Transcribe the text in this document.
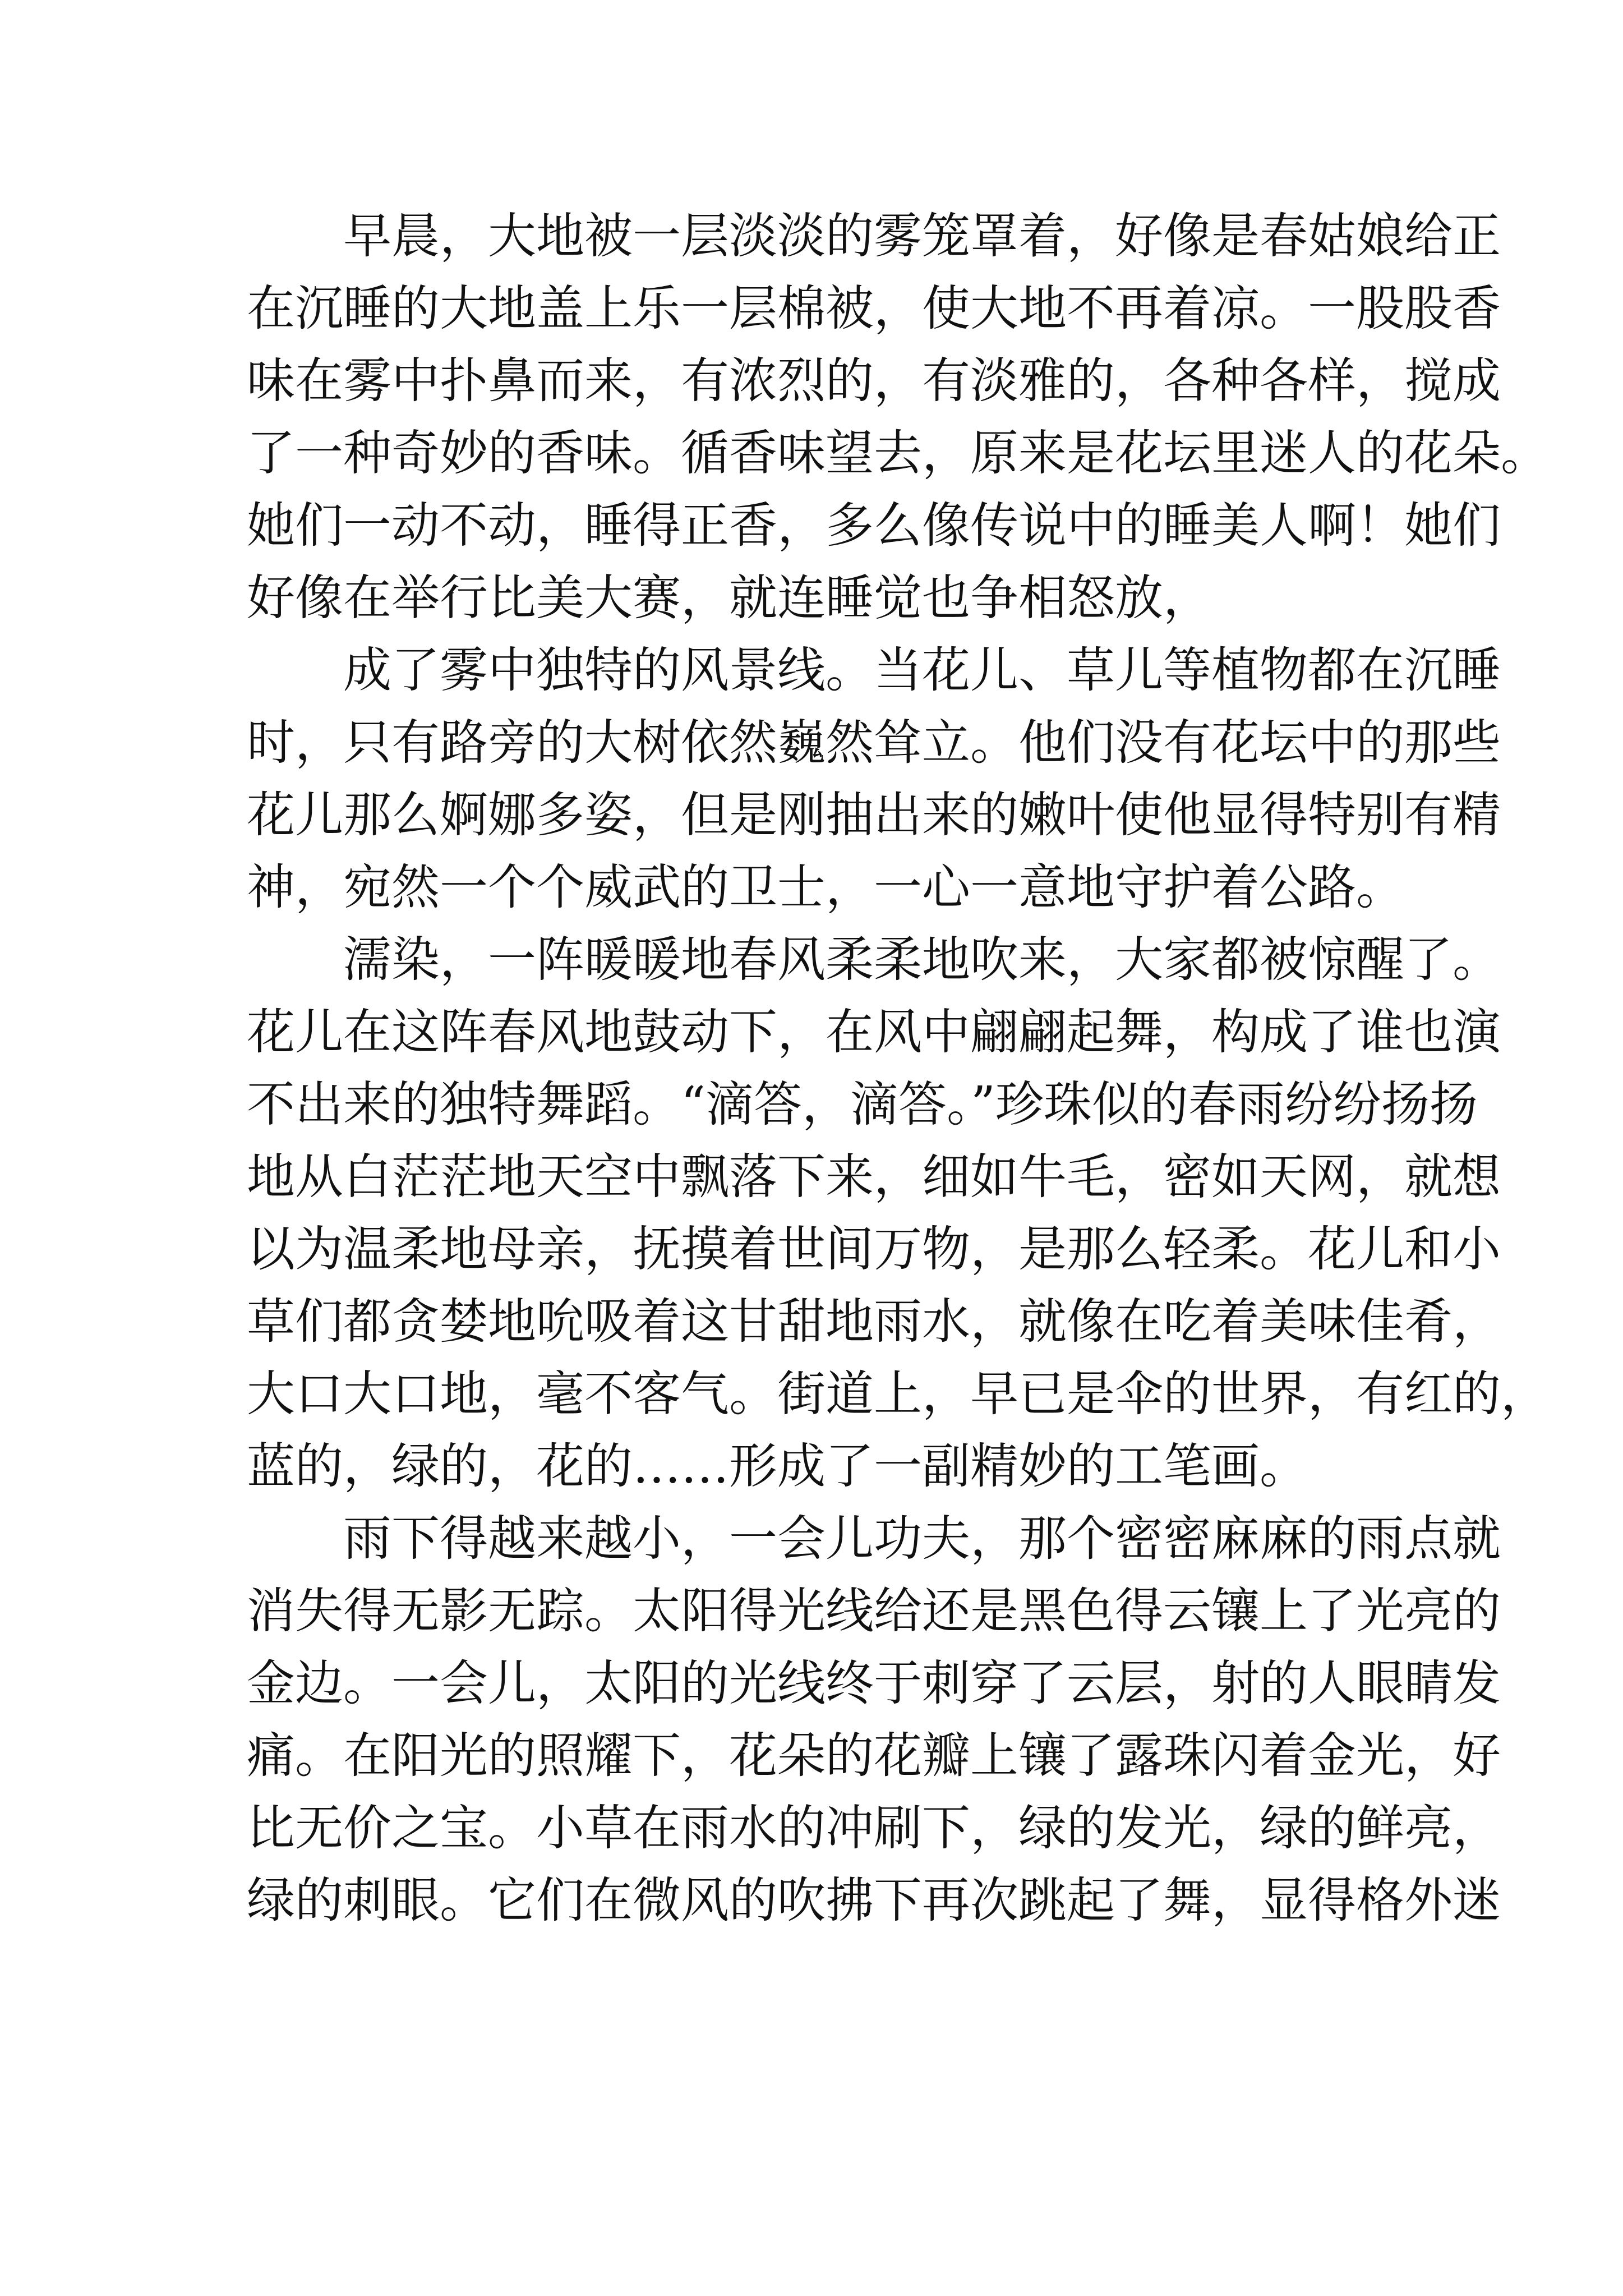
早晨，大地被一层淡淡的雾笼罩着，好像是春姑娘给正

在沉睡的大地盖上乐一层棉被，使大地不再着凉。一股股香

味在雾中扑鼻而来，有浓烈的，有淡雅的，各种各样，搅成

了一种奇妙的香味。循香味望去，原来是花坛里迷人的花朵。

她们一动不动，睡得正香，多么像传说中的睡美人啊！她们

好像在举行比美大赛，就连睡觉也争相怒放，

成了雾中独特的风景线。当花儿、草儿等植物都在沉睡

时，只有路旁的大树依然巍然耸立。他们没有花坛中的那些

花儿那么婀娜多姿，但是刚抽出来的嫩叶使他显得特别有精

神，宛然一个个威武的卫士，一心一意地守护着公路。

濡染，一阵暖暖地春风柔柔地吹来，大家都被惊醒了。

花儿在这阵春风地鼓动下，在风中翩翩起舞，构成了谁也演

不出来的独特舞蹈。“滴答，滴答。”珍珠似的春雨纷纷扬扬

地从白茫茫地天空中飘落下来，细如牛毛，密如天网，就想

以为温柔地母亲，抚摸着世间万物，是那么轻柔。花儿和小

草们都贪婪地吮吸着这甘甜地雨水，就像在吃着美味佳肴，

大口大口地，毫不客气。街道上，早已是伞的世界，有红的，

蓝的，绿的，花的……形成了一副精妙的工笔画。

雨下得越来越小，一会儿功夫，那个密密麻麻的雨点就

消失得无影无踪。太阳得光线给还是黑色得云镶上了光亮的

金边。一会儿，太阳的光线终于刺穿了云层，射的人眼睛发

痛。在阳光的照耀下，花朵的花瓣上镶了露珠闪着金光，好

比无价之宝。小草在雨水的冲刷下，绿的发光，绿的鲜亮，

绿的刺眼。它们在微风的吹拂下再次跳起了舞，显得格外迷
